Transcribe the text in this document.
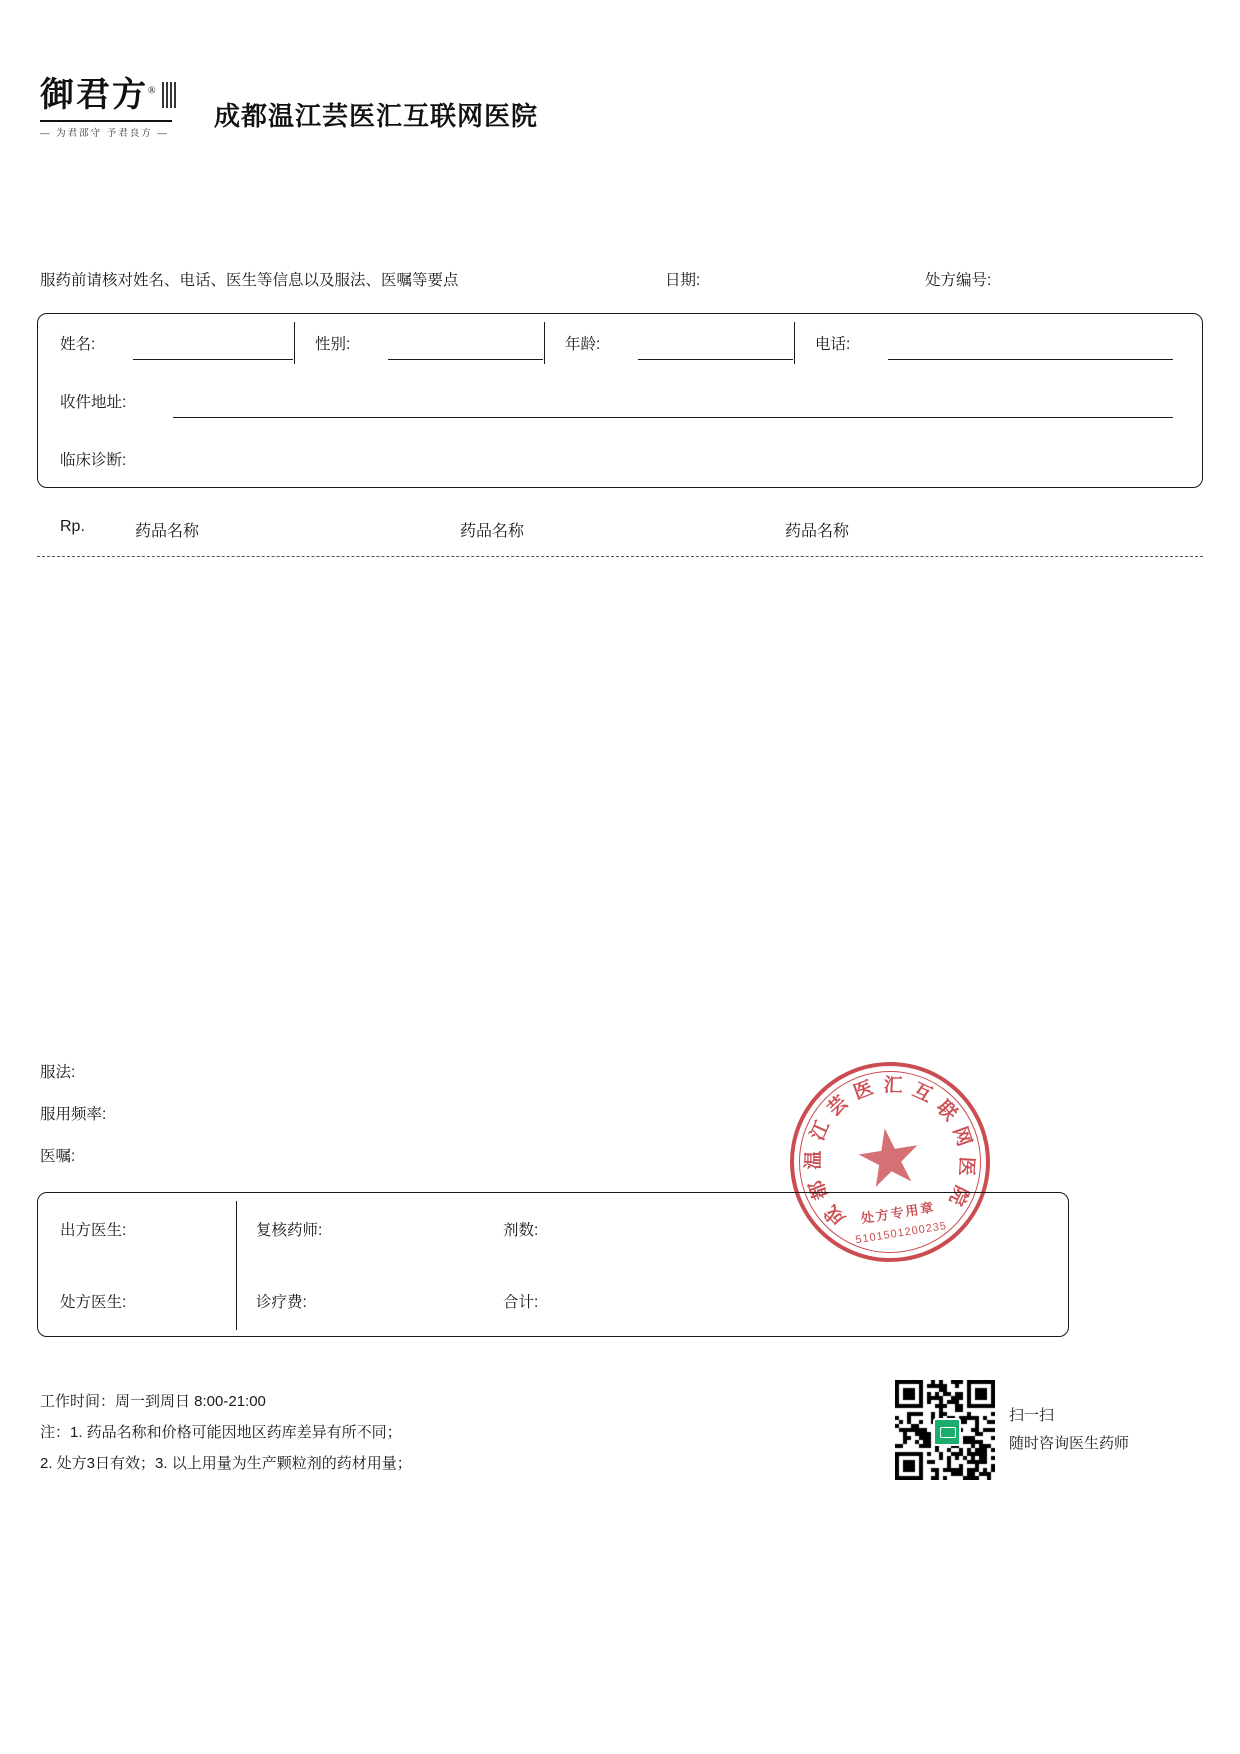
御君方®
— 为君邵守 予君良方 —
成都温江芸医汇互联网医院
服药前请核对姓名、电话、医生等信息以及服法、医嘱等要点	日期:	处方编号:
姓名:	性别:	年龄:	电话:
收件地址:
临床诊断:
Rp.	药品名称	药品名称	药品名称
服法:
服用频率:
医嘱:
成
都
温
江
芸
医 汇 互
联
网
医
院
处方专用章
5101501200235
出方医生:	复核药师:	剂数:
处方医生:	诊疗费:	合计:
工作时间：周一到周日 8:00-21:00
注：1. 药品名称和价格可能因地区药库差异有所不同；
2. 处方3日有效；3. 以上用量为生产颗粒剂的药材用量；
扫一扫
随时咨询医生药师
